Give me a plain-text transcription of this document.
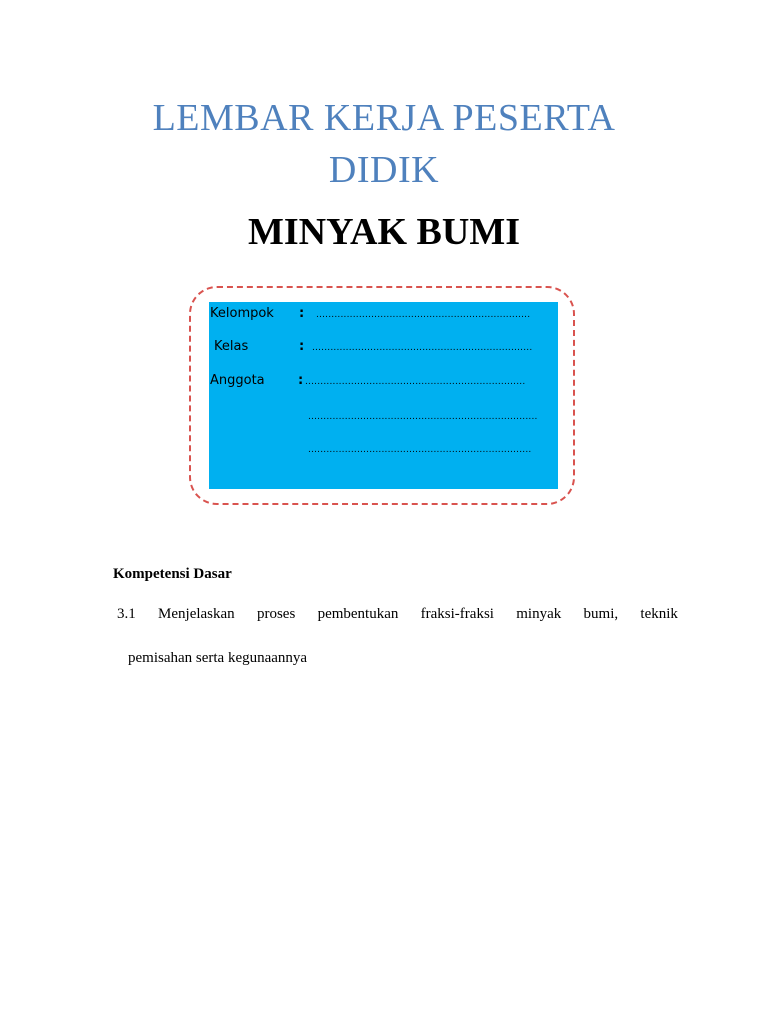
LEMBAR KERJA PESERTA
DIDIK
MINYAK BUMI
Kelompok : ......................................................................
Kelas	: ........................................................................
Anggota	: ........................................................................
...........................................................................
.........................................................................
Kompetensi Dasar
3.1 Menjelaskan proses pembentukan fraksi-fraksi minyak bumi, teknik
pemisahan serta kegunaannya
